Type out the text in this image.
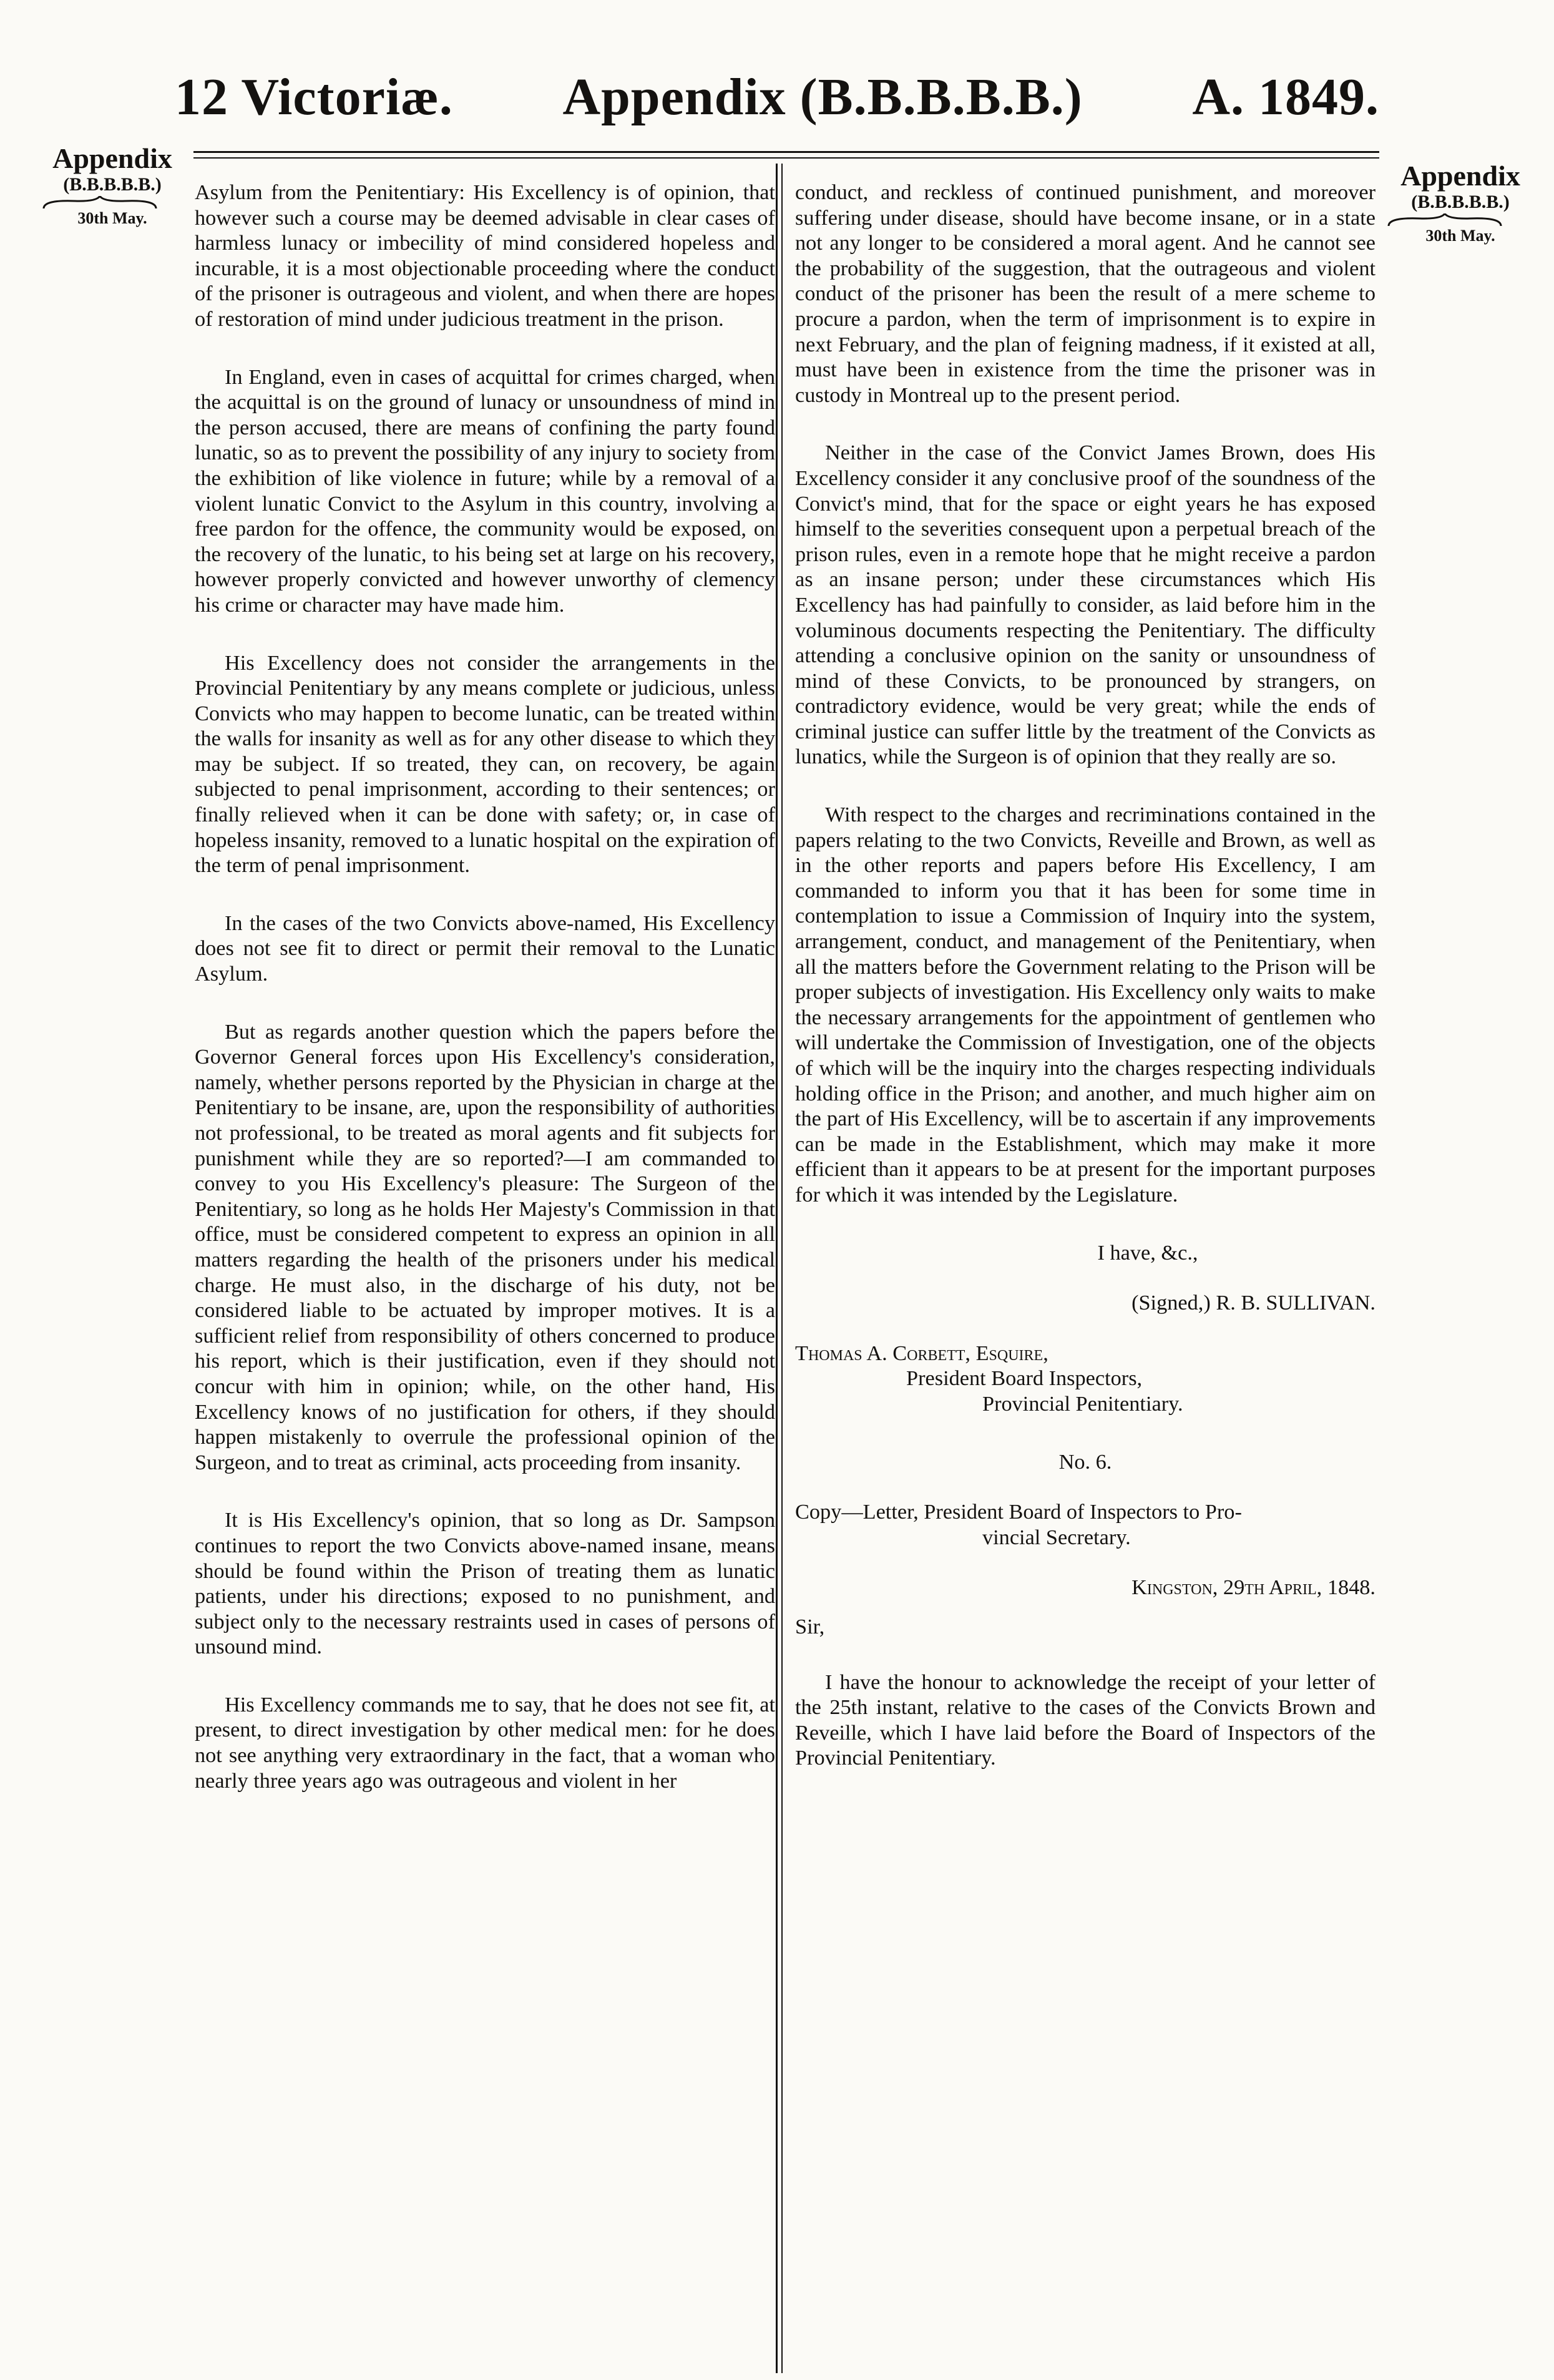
12 Victoriæ. Appendix (B.B.B.B.B.) A. 1849.
Appendix
(B.B.B.B.B.)
30th May.
Appendix
(B.B.B.B.B.)
30th May.

Asylum from the Penitentiary: His Excellency is of opinion, that however such a course may be deemed advisable in clear cases of harmless lunacy or imbecility of mind considered hopeless and incurable, it is a most objectionable proceeding where the conduct of the prisoner is outrageous and violent, and when there are hopes of restoration of mind under judicious treatment in the prison.

In England, even in cases of acquittal for crimes charged, when the acquittal is on the ground of lunacy or unsoundness of mind in the person accused, there are means of confining the party found lunatic, so as to prevent the possibility of any injury to society from the exhibition of like violence in future; while by a removal of a violent lunatic Convict to the Asylum in this country, involving a free pardon for the offence, the community would be exposed, on the recovery of the lunatic, to his being set at large on his recovery, however properly convicted and however unworthy of clemency his crime or character may have made him.

His Excellency does not consider the arrangements in the Provincial Penitentiary by any means complete or judicious, unless Convicts who may happen to become lunatic, can be treated within the walls for insanity as well as for any other disease to which they may be subject. If so treated, they can, on recovery, be again subjected to penal imprisonment, according to their sentences; or finally relieved when it can be done with safety; or, in case of hopeless insanity, removed to a lunatic hospital on the expiration of the term of penal imprisonment.

In the cases of the two Convicts above-named, His Excellency does not see fit to direct or permit their removal to the Lunatic Asylum.

But as regards another question which the papers before the Governor General forces upon His Excellency's consideration, namely, whether persons reported by the Physician in charge at the Penitentiary to be insane, are, upon the responsibility of authorities not professional, to be treated as moral agents and fit subjects for punishment while they are so reported?—I am commanded to convey to you His Excellency's pleasure: The Surgeon of the Penitentiary, so long as he holds Her Majesty's Commission in that office, must be considered competent to express an opinion in all matters regarding the health of the prisoners under his medical charge. He must also, in the discharge of his duty, not be considered liable to be actuated by improper motives. It is a sufficient relief from responsibility of others concerned to produce his report, which is their justification, even if they should not concur with him in opinion; while, on the other hand, His Excellency knows of no justification for others, if they should happen mistakenly to overrule the professional opinion of the Surgeon, and to treat as criminal, acts proceeding from insanity.

It is His Excellency's opinion, that so long as Dr. Sampson continues to report the two Convicts above-named insane, means should be found within the Prison of treating them as lunatic patients, under his directions; exposed to no punishment, and subject only to the necessary restraints used in cases of persons of unsound mind.

His Excellency commands me to say, that he does not see fit, at present, to direct investigation by other medical men: for he does not see anything very extraordinary in the fact, that a woman who nearly three years ago was outrageous and violent in her

conduct, and reckless of continued punishment, and moreover suffering under disease, should have become insane, or in a state not any longer to be considered a moral agent. And he cannot see the probability of the suggestion, that the outrageous and violent conduct of the prisoner has been the result of a mere scheme to procure a pardon, when the term of imprisonment is to expire in next February, and the plan of feigning madness, if it existed at all, must have been in existence from the time the prisoner was in custody in Montreal up to the present period.

Neither in the case of the Convict James Brown, does His Excellency consider it any conclusive proof of the soundness of the Convict's mind, that for the space or eight years he has exposed himself to the severities consequent upon a perpetual breach of the prison rules, even in a remote hope that he might receive a pardon as an insane person; under these circumstances which His Excellency has had painfully to consider, as laid before him in the voluminous documents respecting the Penitentiary. The difficulty attending a conclusive opinion on the sanity or unsoundness of mind of these Convicts, to be pronounced by strangers, on contradictory evidence, would be very great; while the ends of criminal justice can suffer little by the treatment of the Convicts as lunatics, while the Surgeon is of opinion that they really are so.

With respect to the charges and recriminations contained in the papers relating to the two Convicts, Reveille and Brown, as well as in the other reports and papers before His Excellency, I am commanded to inform you that it has been for some time in contemplation to issue a Commission of Inquiry into the system, arrangement, conduct, and management of the Penitentiary, when all the matters before the Government relating to the Prison will be proper subjects of investigation. His Excellency only waits to make the necessary arrangements for the appointment of gentlemen who will undertake the Commission of Investigation, one of the objects of which will be the inquiry into the charges respecting individuals holding office in the Prison; and another, and much higher aim on the part of His Excellency, will be to ascertain if any improvements can be made in the Establishment, which may make it more efficient than it appears to be at present for the important purposes for which it was intended by the Legislature.

I have, &c.,

(Signed,) R. B. SULLIVAN.

Thomas A. Corbett, Esquire,
President Board Inspectors,
Provincial Penitentiary.

No. 6.

Copy—Letter, President Board of Inspectors to Pro-
vincial Secretary.

Kingston, 29th April, 1848.

Sir,

I have the honour to acknowledge the receipt of your letter of the 25th instant, relative to the cases of the Convicts Brown and Reveille, which I have laid before the Board of Inspectors of the Provincial Penitentiary.
